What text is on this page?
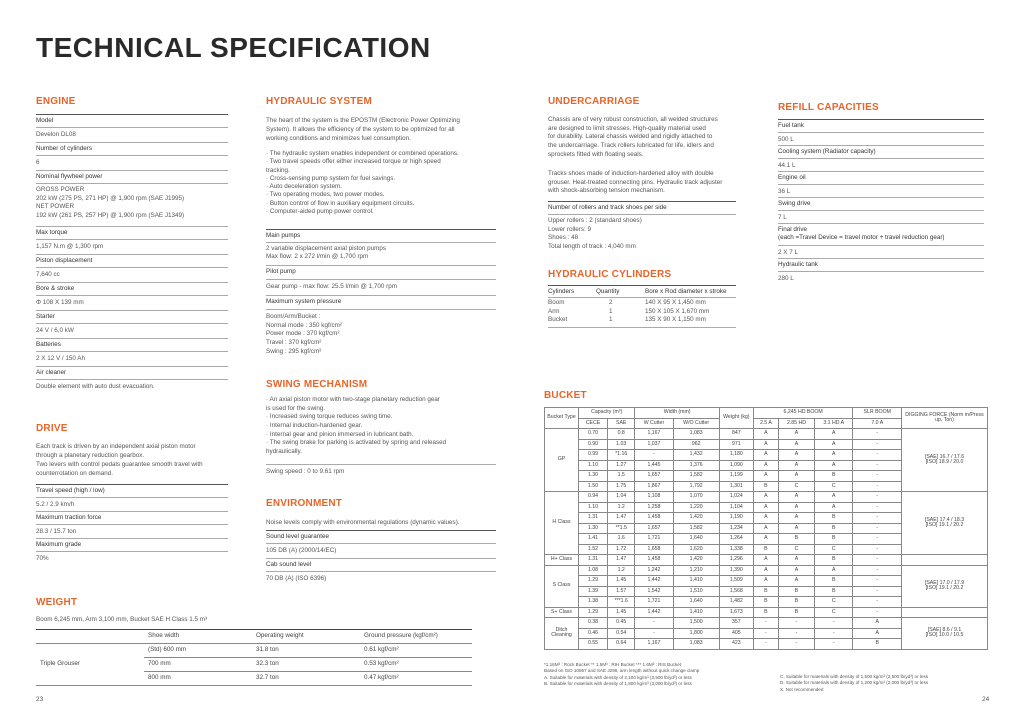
TECHNICAL SPECIFICATION
ENGINE
Model
Develon DL08
Number of cylinders
6
Nominal flywheel power
GROSS POWER
202 kW (275 PS, 271 HP) @ 1,900 rpm (SAE J1995)
NET POWER
192 kW (261 PS, 257 HP) @ 1,900 rpm (SAE J1349)
Max torque
1,157 N.m @ 1,300 rpm
Piston displacement
7,640 cc
Bore & stroke
Φ 108 X 139 mm
Starter
24 V / 6,0 kW
Batteries
2 X 12 V / 150 Ah
Air cleaner
Double element with auto dust evacuation.
DRIVE
Each track is driven by an independent axial piston motor
through a planetary reduction gearbox.
Two levers with control pedals guarantee smooth travel with
counterrotation on demand.
Travel speed (high / low)
5.2 / 2.9 km/h
Maximum traction force
28.3 / 15.7 ton
Maximum grade
70%
WEIGHT
Boom 6,245 mm, Arm 3,100 mm, Bucket SAE H Class 1.5 m³
	Shoe width	Operating weight	Ground pressure (kgf/cm²)
Triple Grouser	(Std) 600 mm	31.8 ton	0.61 kgf/cm²
	700 mm	32.3 ton	0.53 kgf/cm²
	800 mm	32.7 ton	0.47 kgf/cm²
HYDRAULIC SYSTEM
The heart of the system is the EPOSTM (Electronic Power Optimizing
System). It allows the efficiency of the system to be optimized for all
working conditions and minimizes fuel consumption.
· The hydraulic system enables independent or combined operations.
· Two travel speeds offer either increased torque or high speed
tracking.
· Cross-sensing pump system for fuel savings.
· Auto deceleration system.
· Two operating modes, two power modes.
· Button control of flow in auxiliary equipment circuits.
· Computer-aided pump power control.
Main pumps
2 variable displacement axial piston pumps
Max flow: 2 x 272 l/min @ 1,700 rpm
Pilot pump
Gear pump - max flow: 25.5 l/min @ 1,700 rpm
Maximum system pressure
Boom/Arm/Bucket :
Normal mode : 350 kgf/cm²
Power mode : 370 kgf/cm²
Travel : 370 kgf/cm²
Swing : 295 kgf/cm²
SWING MECHANISM
· An axial piston motor with two-stage planetary reduction gear
is used for the swing.
· Increased swing torque reduces swing time.
· Internal induction-hardened gear.
· Internal gear and pinion immersed in lubricant bath.
· The swing brake for parking is activated by spring and released
hydraulically.
Swing speed : 0 to 9.61 rpm
ENVIRONMENT
Noise levels comply with environmental regulations (dynamic values).
Sound level guarantee
105 DB (A) (2000/14/EC)
Cab sound level
70 DB (A) (ISO 6396)
23
UNDERCARRIAGE
Chassis are of very robust construction, all welded structures
are designed to limit stresses. High-quality material used
for durability. Lateral chassis welded and rigidly attached to
the undercarriage. Track rollers lubricated for life, idlers and
sprockets fitted with floating seals.
Tracks shoes made of induction-hardened alloy with double
grouser. Heat-treated connecting pins. Hydraulic track adjuster
with shock-absorbing tension mechanism.
Number of rollers and track shoes per side
Upper rollers : 2 (standard shoes)
Lower rollers: 9
Shoes : 48
Total length of track : 4,040 mm
HYDRAULIC CYLINDERS
Cylinders	Quantity	Bore x Rod diameter x stroke
Boom	2	140 X 95 X 1,450 mm
Arm	1	150 X 105 X 1,670 mm
Bucket	1	135 X 90 X 1,150 mm
REFILL CAPACITIES
Fuel tank
500 L
Cooling system (Radiator capacity)
44.1 L
Engine oil
36 L
Swing drive
7 L
Final drive
(each =Travel Device = travel motor + travel reduction gear)
2 X 7 L
Hydraulic tank
280 L
BUCKET
Bucket Type	Capacity (m³)		Width (mm)		Weight (kg)	6,245 HD BOOM			SLR BOOM	DIGGING FORCE (Norm m/Press up, Ton)
	CECE	SAE	W Cutter	W/O Cutter		2.5 A	2.85 HD	3.1 HD A	7.0 A	
GP	0.70	0.8	1,167	1,083	847	A	A	A	-	[SAE] 16.7 / 17.6
[ISO] 18.9 / 20.0

	0.90	1.03	1,037	962	971	A	A	A	-	
	0.99	*1.16	-	1,432	1,180	A	A	A	-	
	1.10	1.27	1,445	1,376	1,090	A	A	A	-	
	1.30	1.5	1,657	1,582	1,199	A	A	B	-	
	1.50	1.75	1,867	1,792	1,301	B	C	C	-	
H Class	0.94	1.04	1,108	1,070	1,024	A	A	A	-	[SAE] 17.4 / 18.3
[ISO] 19.1 / 20.2

	1.10	1.2	1,258	1,220	1,104	A	A	A	-	
	1.31	1.47	1,458	1,420	1,190	A	A	B	-	
	1.30	**1.5	1,657	1,582	1,234	A	A	B	-	
	1.41	1.6	1,721	1,640	1,264	A	B	B	-	
	1.52	1.72	1,658	1,620	1,338	B	C	C	-	
H+ Class	1.31	1.47	1,458	1,420	1,296	A	A	B	-	
S Class	1.08	1.2	1,242	1,210	1,390	A	A	A	-	[SAE] 17.0 / 17.9
[ISO] 19.1 / 20.2

	1.29	1.45	1,442	1,410	1,509	A	A	B	-	
	1.39	1.57	1,542	1,510	1,568	B	B	B	-	
	1.38	***1.6	1,721	1,640	1,482	B	B	C	-	
S+ Class	1.29	1.45	1,442	1,410	1,673	B	B	C	-	
Ditch Cleaning	0.38	0.45	-	1,500	357	-	-	-	A	[SAE] 8.6 / 9.1
[ISO] 10.0 / 10.5

	0.46	0.54	-	1,800	405	-	-	-	A	
	0.55	0.64	1,167	1,083	423	-	-	-	B	
*1.16M³ : Rock Bucket ** 1.5M³ : RIH Bucket *** 1.6M³ : RIS Bucket
Based on ISO 10567 and SAE J296, arm length without quick change clamp
A. Suitable for materials with density of 2,100 kg/m³ (3,500 lb/yd³) or less
B. Suitable for materials with density of 1,800 kg/m³ (3,000 lb/yd³) or less
C. Suitable for materials with density of 1,500 kg/m³ (2,500 lb/yd³) or less
D. Suitable for materials with density of 1,200 kg/m³ (2,000 lb/yd³) or less
X. Not recommended
24
